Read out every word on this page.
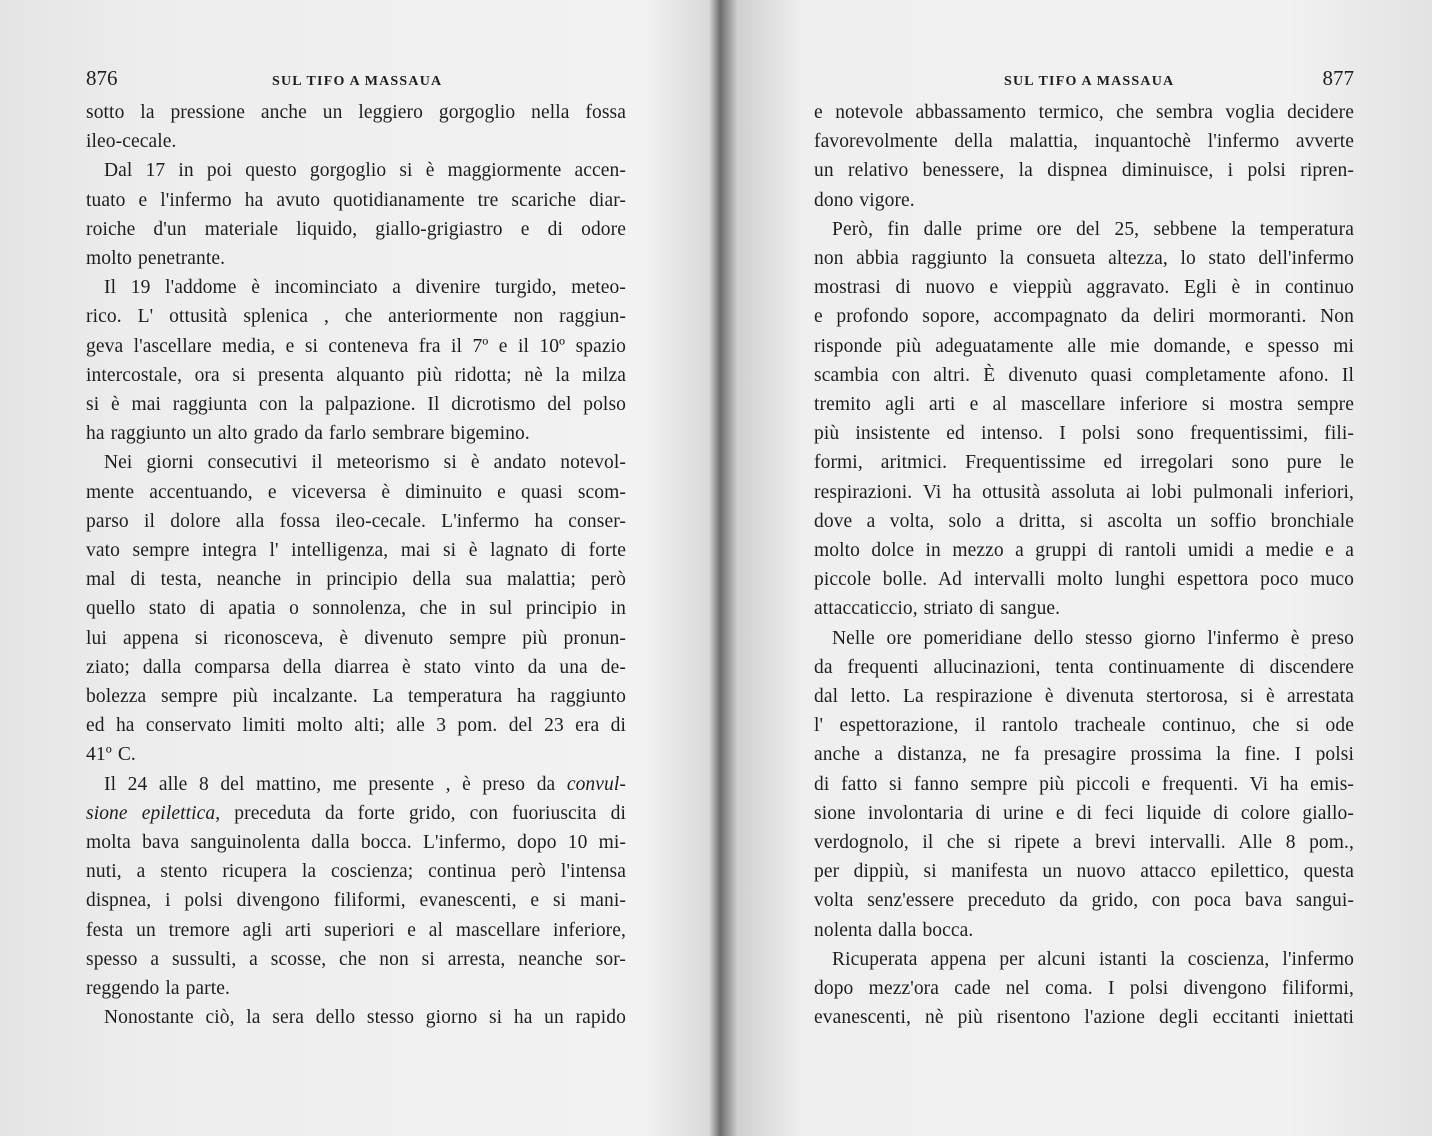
876	SUL TIFO A MASSAUA

sotto la pressione anche un leggiero gorgoglio nella fossa
ileo-cecale.

Dal 17 in poi questo gorgoglio si è maggiormente accen-
tuato e l'infermo ha avuto quotidianamente tre scariche diar-
roiche d'un materiale liquido, giallo-grigiastro e di odore
molto penetrante.

Il 19 l'addome è incominciato a divenire turgido, meteo-
rico. L' ottusità splenica , che anteriormente non raggiun-
geva l'ascellare media, e si conteneva fra il 7º e il 10º spazio
intercostale, ora si presenta alquanto più ridotta; nè la milza
si è mai raggiunta con la palpazione. Il dicrotismo del polso
ha raggiunto un alto grado da farlo sembrare bigemino.

Nei giorni consecutivi il meteorismo si è andato notevol-
mente accentuando, e viceversa è diminuito e quasi scom-
parso il dolore alla fossa ileo-cecale. L'infermo ha conser-
vato sempre integra l' intelligenza, mai si è lagnato di forte
mal di testa, neanche in principio della sua malattia; però
quello stato di apatia o sonnolenza, che in sul principio in
lui appena si riconosceva, è divenuto sempre più pronun-
ziato; dalla comparsa della diarrea è stato vinto da una de-
bolezza sempre più incalzante. La temperatura ha raggiunto
ed ha conservato limiti molto alti; alle 3 pom. del 23 era di
41º C.

Il 24 alle 8 del mattino, me presente , è preso da convul-
sione epilettica, preceduta da forte grido, con fuoriuscita di
molta bava sanguinolenta dalla bocca. L'infermo, dopo 10 mi-
nuti, a stento ricupera la coscienza; continua però l'intensa
dispnea, i polsi divengono filiformi, evanescenti, e si mani-
festa un tremore agli arti superiori e al mascellare inferiore,
spesso a sussulti, a scosse, che non si arresta, neanche sor-
reggendo la parte.

Nonostante ciò, la sera dello stesso giorno si ha un rapido

SUL TIFO A MASSAUA	877

e notevole abbassamento termico, che sembra voglia decidere
favorevolmente della malattia, inquantochè l'infermo avverte
un relativo benessere, la dispnea diminuisce, i polsi ripren-
dono vigore.

Però, fin dalle prime ore del 25, sebbene la temperatura
non abbia raggiunto la consueta altezza, lo stato dell'infermo
mostrasi di nuovo e vieppiù aggravato. Egli è in continuo
e profondo sopore, accompagnato da deliri mormoranti. Non
risponde più adeguatamente alle mie domande, e spesso mi
scambia con altri. È divenuto quasi completamente afono. Il
tremito agli arti e al mascellare inferiore si mostra sempre
più insistente ed intenso. I polsi sono frequentissimi, fili-
formi, aritmici. Frequentissime ed irregolari sono pure le
respirazioni. Vi ha ottusità assoluta ai lobi pulmonali inferiori,
dove a volta, solo a dritta, si ascolta un soffio bronchiale
molto dolce in mezzo a gruppi di rantoli umidi a medie e a
piccole bolle. Ad intervalli molto lunghi espettora poco muco
attaccaticcio, striato di sangue.

Nelle ore pomeridiane dello stesso giorno l'infermo è preso
da frequenti allucinazioni, tenta continuamente di discendere
dal letto. La respirazione è divenuta stertorosa, si è arrestata
l' espettorazione, il rantolo tracheale continuo, che si ode
anche a distanza, ne fa presagire prossima la fine. I polsi
di fatto si fanno sempre più piccoli e frequenti. Vi ha emis-
sione involontaria di urine e di feci liquide di colore giallo-
verdognolo, il che si ripete a brevi intervalli. Alle 8 pom.,
per dippiù, si manifesta un nuovo attacco epilettico, questa
volta senz'essere preceduto da grido, con poca bava sangui-
nolenta dalla bocca.

Ricuperata appena per alcuni istanti la coscienza, l'infermo
dopo mezz'ora cade nel coma. I polsi divengono filiformi,
evanescenti, nè più risentono l'azione degli eccitanti iniettati
